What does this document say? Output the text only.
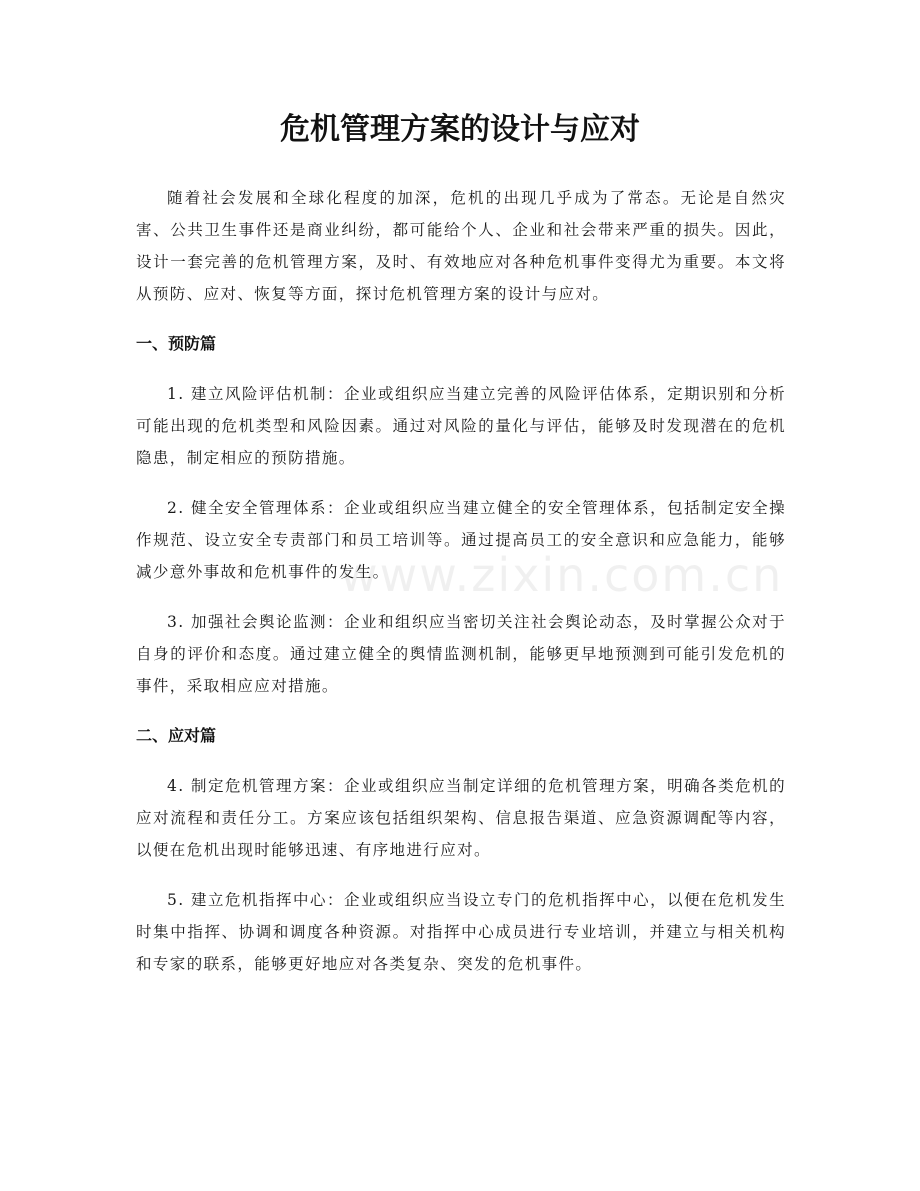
危机管理方案的设计与应对
www.zixin.com.cn

随着社会发展和全球化程度的加深，危机的出现几乎成为了常态。无论是自然灾害、公共卫生事件还是商业纠纷，都可能给个人、企业和社会带来严重的损失。因此，设计一套完善的危机管理方案，及时、有效地应对各种危机事件变得尤为重要。本文将从预防、应对、恢复等方面，探讨危机管理方案的设计与应对。

一、预防篇

1. 建立风险评估机制：企业或组织应当建立完善的风险评估体系，定期识别和分析可能出现的危机类型和风险因素。通过对风险的量化与评估，能够及时发现潜在的危机隐患，制定相应的预防措施。

2. 健全安全管理体系：企业或组织应当建立健全的安全管理体系，包括制定安全操作规范、设立安全专责部门和员工培训等。通过提高员工的安全意识和应急能力，能够减少意外事故和危机事件的发生。

3. 加强社会舆论监测：企业和组织应当密切关注社会舆论动态，及时掌握公众对于自身的评价和态度。通过建立健全的舆情监测机制，能够更早地预测到可能引发危机的事件，采取相应应对措施。

二、应对篇

4. 制定危机管理方案：企业或组织应当制定详细的危机管理方案，明确各类危机的应对流程和责任分工。方案应该包括组织架构、信息报告渠道、应急资源调配等内容，以便在危机出现时能够迅速、有序地进行应对。

5. 建立危机指挥中心：企业或组织应当设立专门的危机指挥中心，以便在危机发生时集中指挥、协调和调度各种资源。对指挥中心成员进行专业培训，并建立与相关机构和专家的联系，能够更好地应对各类复杂、突发的危机事件。
